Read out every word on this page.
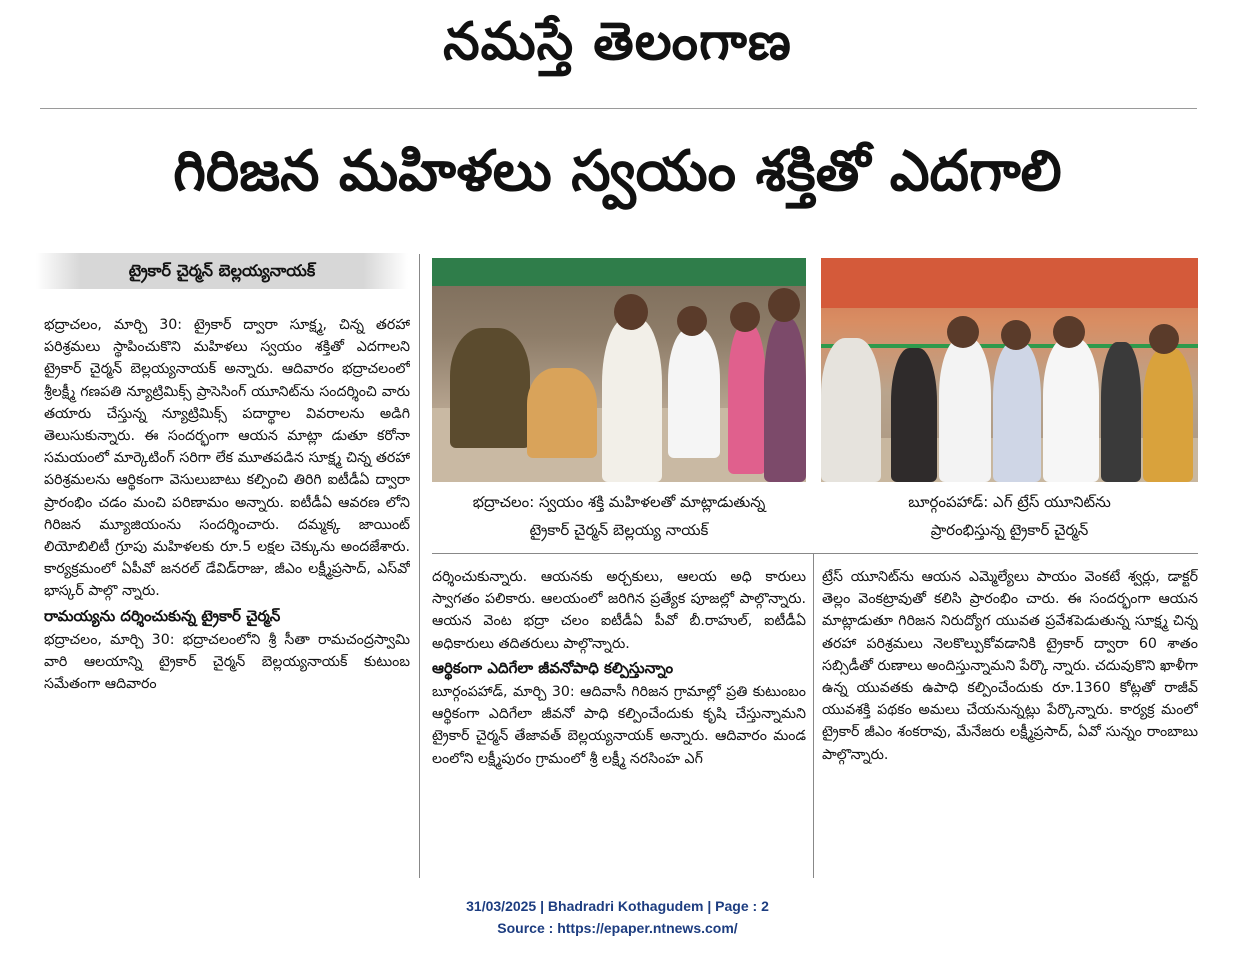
నమస్తే తెలంగాణ
గిరిజన మహిళలు స్వయం శక్తితో ఎదగాలి
ట్రైకార్ చైర్మన్ బెల్లయ్యనాయక్

భద్రాచలం, మార్చి 30: ట్రైకార్ ద్వారా సూక్ష్మ, చిన్న తరహా పరిశ్రమలు స్థాపించుకొని మహిళలు స్వయం శక్తితో ఎదగాలని ట్రైకార్ చైర్మన్ బెల్లయ్యనాయక్ అన్నారు. ఆదివారం భద్రాచలంలో శ్రీలక్ష్మీ గణపతి న్యూట్రిమిక్స్ ప్రాసెసింగ్ యూనిట్‌ను సందర్శించి వారు తయారు చేస్తున్న న్యూట్రిమిక్స్ పదార్థాల వివరాలను అడిగి తెలుసుకున్నారు. ఈ సందర్భంగా ఆయన మాట్లా డుతూ కరోనా సమయంలో మార్కెటింగ్ సరిగా లేక మూతపడిన సూక్ష్మ చిన్న తరహా పరిశ్రమలను ఆర్థికంగా వెసులుబాటు కల్పించి తిరిగి ఐటీడీఏ ద్వారా ప్రారంభిం చడం మంచి పరిణామం అన్నారు. ఐటీడీఏ ఆవరణ లోని గిరిజన మ్యూజియంను సందర్శించారు. దమ్మక్క జాయింట్ లియోబిలిటీ గ్రూపు మహిళలకు రూ.5 లక్షల చెక్కును అందజేశారు. కార్యక్రమంలో ఏపీవో జనరల్ డేవిడ్‌రాజు, జీఎం లక్ష్మీప్రసాద్, ఎస్‌వో భాస్కర్ పాల్గొ న్నారు.

రామయ్యను దర్శించుకున్న ట్రైకార్ చైర్మన్

భద్రాచలం, మార్చి 30: భద్రాచలంలోని శ్రీ సీతా రామచంద్రస్వామి వారి ఆలయాన్ని ట్రైకార్ చైర్మన్ బెల్లయ్యనాయక్ కుటుంబ సమేతంగా ఆదివారం

భద్రాచలం: స్వయం శక్తి మహిళలతో మాట్లాడుతున్న
ట్రైకార్ చైర్మన్ బెల్లయ్య నాయక్
బూర్గంపహాడ్: ఎగ్ ట్రేస్ యూనిట్‌ను
ప్రారంభిస్తున్న ట్రైకార్ చైర్మన్

దర్శించుకున్నారు. ఆయనకు అర్చకులు, ఆలయ అధి కారులు స్వాగతం పలికారు. ఆలయంలో జరిగిన ప్రత్యేక పూజల్లో పాల్గొన్నారు. ఆయన వెంట భద్రా చలం ఐటీడీఏ పీవో బీ.రాహుల్, ఐటీడీఏ అధికారులు తదితరులు పాల్గొన్నారు.

ఆర్థికంగా ఎదిగేలా జీవనోపాధి కల్పిస్తున్నాం

బూర్గంపహాడ్, మార్చి 30: ఆదివాసీ గిరిజన గ్రామాల్లో ప్రతి కుటుంబం ఆర్థికంగా ఎదిగేలా జీవనో పాధి కల్పించేందుకు కృషి చేస్తున్నామని ట్రైకార్ చైర్మన్ తేజావత్ బెల్లయ్యనాయక్ అన్నారు. ఆదివారం మండ లంలోని లక్ష్మీపురం గ్రామంలో శ్రీ లక్ష్మీ నరసింహ ఎగ్

ట్రేస్ యూనిట్‌ను ఆయన ఎమ్మెల్యేలు పాయం వెంకటే శ్వర్లు, డాక్టర్ తెల్లం వెంకట్రావుతో కలిసి ప్రారంభిం చారు. ఈ సందర్భంగా ఆయన మాట్లాడుతూ గిరిజన నిరుద్యోగ యువత ప్రవేశపెడుతున్న సూక్ష్మ చిన్న తరహా పరిశ్రమలు నెలకొల్పుకోవడానికి ట్రైకార్ ద్వారా 60 శాతం సబ్సిడీతో రుణాలు అందిస్తున్నామని పేర్కొ న్నారు. చదువుకొని ఖాళీగా ఉన్న యువతకు ఉపాధి కల్పించేందుకు రూ.1360 కోట్లతో రాజీవ్ యువశక్తి పథకం అమలు చేయనున్నట్లు పేర్కొన్నారు. కార్యక్ర మంలో ట్రైకార్ జీఎం శంకరావు, మేనేజరు లక్ష్మీప్రసాద్, ఏవో సున్నం రాంబాబు పాల్గొన్నారు.

31/03/2025 | Bhadradri Kothagudem | Page : 2
Source : https://epaper.ntnews.com/
